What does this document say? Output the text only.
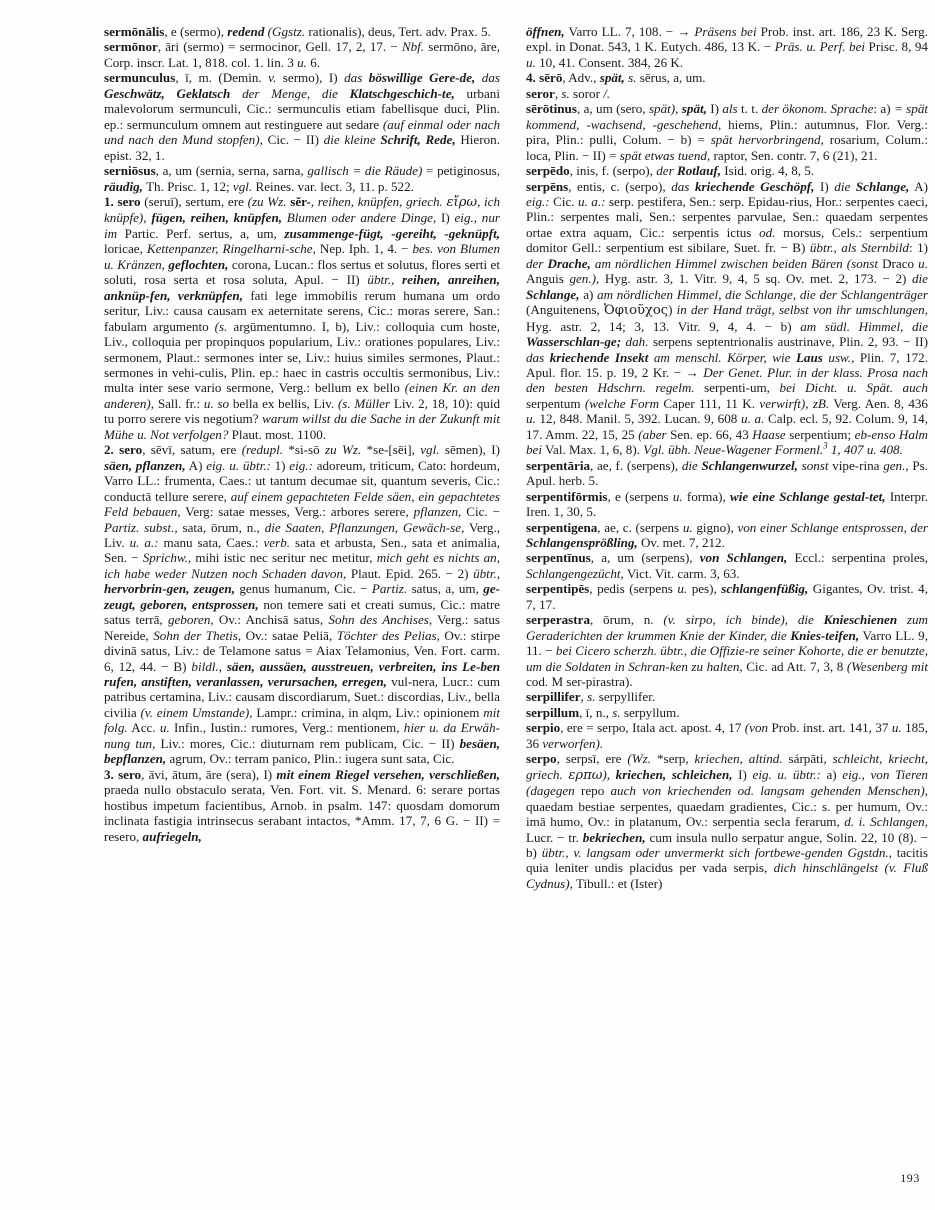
sermōnālis, e (sermo), redend (Ggstz. rationalis), deus, Tert. adv. Prax. 5.

sermōnor, āri (sermo) = sermocinor, Gell. 17, 2, 17. − Nbf. sermōno, āre, Corp. inscr. Lat. 1, 818. col. 1. lin. 3 u. 6.

sermunculus, ī, m. (Demin. v. sermo), I) das böswillige Gere-de, das Geschwätz, Geklatsch der Menge, die Klatschgeschich-te, urbani malevolorum sermunculi, Cic.: sermunculis etiam fabellisque duci, Plin. ep.: sermunculum omnem aut restinguere aut sedare (auf einmal oder nach und nach den Mund stopfen), Cic. − II) die kleine Schrift, Rede, Hieron. epist. 32, 1.

serniōsus, a, um (sernia, serna, sarna, gallisch = die Räude) = petiginosus, räudig, Th. Prisc. 1, 12; vgl. Reines. var. lect. 3, 11. p. 522.

1. sero (seruī), sertum, ere (zu Wz. sĕr-, reihen, knüpfen, griech. εἴρω, ich knüpfe), fügen, reihen, knüpfen, Blumen oder andere Dinge, I) eig., nur im Partic. Perf. sertus, a, um, zusammenge-fügt, -gereiht, -geknüpft, loricae, Kettenpanzer, Ringelharni-sche, Nep. Iph. 1, 4. − bes. von Blumen u. Kränzen, geflochten, corona, Lucan.: flos sertus et solutus, flores serti et soluti, rosa serta et rosa soluta, Apul. − II) übtr., reihen, anreihen, anknüp-fen, verknüpfen, fati lege immobilis rerum humana um ordo seritur, Liv.: causa causam ex aeternitate serens, Cic.: moras serere, San.: fabulam argumento (s. argūmentumno. I, b), Liv.: colloquia cum hoste, Liv., colloquia per propinquos popularium, Liv.: orationes populares, Liv.: sermonem, Plaut.: sermones inter se, Liv.: huius similes sermones, Plaut.: sermones in vehi-culis, Plin. ep.: haec in castris occultis sermonibus, Liv.: multa inter sese vario sermone, Verg.: bellum ex bello (einen Kr. an den anderen), Sall. fr.: u. so bella ex bellis, Liv. (s. Müller Liv. 2, 18, 10): quid tu porro serere vis negotium? warum willst du die Sache in der Zukunft mit Mühe u. Not verfolgen? Plaut. most. 1100.

2. sero, sēvī, satum, ere (redupl. *si-sō zu Wz. *se-[sēi], vgl. sēmen), I) säen, pflanzen, A) eig. u. übtr.: 1) eig.: adoreum, triticum, Cato: hordeum, Varro LL.: frumenta, Caes.: ut tantum decumae sit, quantum severis, Cic.: conductā tellure serere, auf einem gepachteten Felde säen, ein gepachtetes Feld bebauen, Verg: satae messes, Verg.: arbores serere, pflanzen, Cic. − Partiz. subst., sata, ōrum, n., die Saaten, Pflanzungen, Gewäch-se, Verg., Liv. u. a.: manu sata, Caes.: verb. sata et arbusta, Sen., sata et animalia, Sen. − Sprichw., mihi istic nec seritur nec metitur, mich geht es nichts an, ich habe weder Nutzen noch Schaden davon, Plaut. Epid. 265. − 2) übtr., hervorbrin-gen, zeugen, genus humanum, Cic. − Partiz. satus, a, um, ge-zeugt, geboren, entsprossen, non temere sati et creati sumus, Cic.: matre satus terrā, geboren, Ov.: Anchisā satus, Sohn des Anchises, Verg.: satus Nereide, Sohn der Thetis, Ov.: satae Peliā, Töchter des Pelias, Ov.: stirpe divinā satus, Liv.: de Telamone satus = Aiax Telamonius, Ven. Fort. carm. 6, 12, 44. − B) bildl., säen, aussäen, ausstreuen, verbreiten, ins Le-ben rufen, anstiften, veranlassen, verursachen, erregen, vul-nera, Lucr.: cum patribus certamina, Liv.: causam discordiarum, Suet.: discordias, Liv., bella civilia (v. einem Umstande), Lampr.: crimina, in alqm, Liv.: opinionem mit folg. Acc. u. Infin., Iustin.: rumores, Verg.: mentionem, hier u. da Erwäh-nung tun, Liv.: mores, Cic.: diuturnam rem publicam, Cic. − II) besäen, bepflanzen, agrum, Ov.: terram panico, Plin.: iugera sunt sata, Cic.

3. sero, āvi, ātum, āre (sera), I) mit einem Riegel versehen, verschließen, praeda nullo obstaculo serata, Ven. Fort. vit. S. Menard. 6: serare portas hostibus impetum facientibus, Arnob. in psalm. 147: quosdam domorum inclinata fastigia intrinsecus serabant intactos, *Amm. 17, 7, 6 G. − II) = resero, aufriegeln,

öffnen, Varro LL. 7, 108. − → Präsens bei Prob. inst. art. 186, 23 K. Serg. expl. in Donat. 543, 1 K. Eutych. 486, 13 K. − Präs. u. Perf. bei Prisc. 8, 94 u. 10, 41. Consent. 384, 26 K.

4. sērō, Adv., spät, s. sērus, a, um.

seror, s. soror /.

sērōtinus, a, um (sero, spät), spät, I) als t. t. der ökonom. Sprache: a) = spät kommend, -wachsend, -geschehend, hiems, Plin.: autumnus, Flor. Verg.: pira, Plin.: pulli, Colum. − b) = spät hervorbringend, rosarium, Colum.: loca, Plin. − II) = spät etwas tuend, raptor, Sen. contr. 7, 6 (21), 21.

serpēdo, inis, f. (serpo), der Rotlauf, Isid. orig. 4, 8, 5.

serpēns, entis, c. (serpo), das kriechende Geschöpf, I) die Schlange, A) eig.: Cic. u. a.: serp. pestifera, Sen.: serp. Epidau-rius, Hor.: serpentes caeci, Plin.: serpentes mali, Sen.: serpentes parvulae, Sen.: quaedam serpentes ortae extra aquam, Cic.: serpentis ictus od. morsus, Cels.: serpentium domitor Gell.: serpentium est sibilare, Suet. fr. − B) übtr., als Sternbild: 1) der Drache, am nördlichen Himmel zwischen beiden Bären (sonst Draco u. Anguis gen.), Hyg. astr. 3, 1. Vitr. 9, 4, 5 sq. Ov. met. 2, 173. − 2) die Schlange, a) am nördlichen Himmel, die Schlange, die der Schlangenträger (Anguitenens, Ὀφιοῦχος) in der Hand trägt, selbst von ihr umschlungen, Hyg. astr. 2, 14; 3, 13. Vitr. 9, 4, 4. − b) am südl. Himmel, die Wasserschlan-ge; dah. serpens septentrionalis austrinave, Plin. 2, 93. − II) das kriechende Insekt am menschl. Körper, wie Laus usw., Plin. 7, 172. Apul. flor. 15. p. 19, 2 Kr. − → Der Genet. Plur. in der klass. Prosa nach den besten Hdschrn. regelm. serpenti-um, bei Dicht. u. Spät. auch serpentum (welche Form Caper 111, 11 K. verwirft), zB. Verg. Aen. 8, 436 u. 12, 848. Manil. 5, 392. Lucan. 9, 608 u. a. Calp. ecl. 5, 92. Colum. 9, 14, 17. Amm. 22, 15, 25 (aber Sen. ep. 66, 43 Haase serpentium; eb-enso Halm bei Val. Max. 1, 6, 8). Vgl. übh. Neue-Wagener Formenl.$^3$ 1, 407 u. 408.

serpentāria, ae, f. (serpens), die Schlangenwurzel, sonst vipe-rina gen., Ps. Apul. herb. 5.

serpentifōrmis, e (serpens u. forma), wie eine Schlange gestal-tet, Interpr. Iren. 1, 30, 5.

serpentigena, ae, c. (serpens u. gigno), von einer Schlange entsprossen, der Schlangensprößling, Ov. met. 7, 212.

serpentīnus, a, um (serpens), von Schlangen, Eccl.: serpentina proles, Schlangengezücht, Vict. Vit. carm. 3, 63.

serpentipēs, pedis (serpens u. pes), schlangenfüßig, Gigantes, Ov. trist. 4, 7, 17.

serperastra, ōrum, n. (v. sirpo, ich binde), die Knieschienen zum Geraderichten der krummen Knie der Kinder, die Knies-teifen, Varro LL. 9, 11. − bei Cicero scherzh. übtr., die Offizie-re seiner Kohorte, die er benutzte, um die Soldaten in Schran-ken zu halten, Cic. ad Att. 7, 3, 8 (Wesenberg mit cod. M ser-pirastra).

serpillifer, s. serpyllifer.

serpillum, ī, n., s. serpyllum.

serpio, ere = serpo, Itala act. apost. 4, 17 (von Prob. inst. art. 141, 37 u. 185, 36 verworfen).

serpo, serpsī, ere (Wz. *serp, kriechen, altind. sárpāti, schleicht, kriecht, griech. ερπω), kriechen, schleichen, I) eig. u. übtr.: a) eig., von Tieren (dagegen repo auch von kriechenden od. langsam gehenden Menschen), quaedam bestiae serpentes, quaedam gradientes, Cic.: s. per humum, Ov.: imā humo, Ov.: in platanum, Ov.: serpentia secla ferarum, d. i. Schlangen, Lucr. − tr. bekriechen, cum insula nullo serpatur angue, Solin. 22, 10 (8). − b) übtr., v. langsam oder unvermerkt sich fortbewe-genden Ggstdn., tacitis quia leniter undis placidus per vada serpis, dich hinschlängelst (v. Fluß Cydnus), Tibull.: et (Ister)

193
